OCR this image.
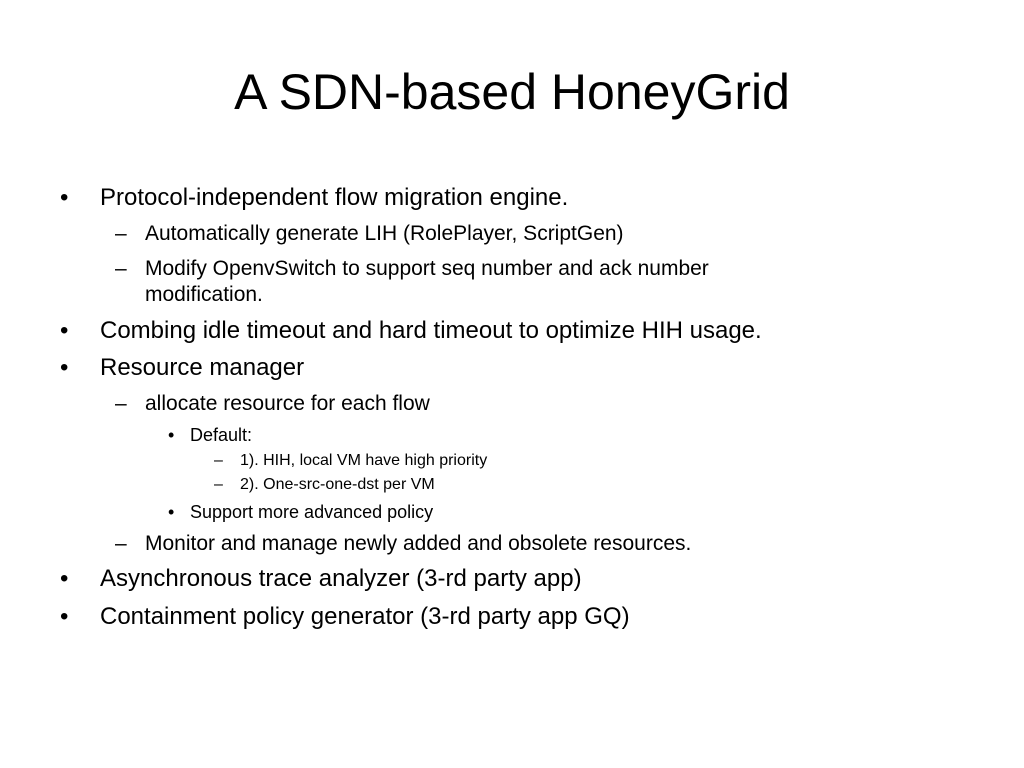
A SDN-based HoneyGrid
• Protocol-independent flow migration engine.
– Automatically generate LIH (RolePlayer, ScriptGen)
– Modify OpenvSwitch to support seq number and ack number
modification.
• Combing idle timeout and hard timeout to optimize HIH usage.
• Resource manager
– allocate resource for each flow
• Default:
– 1). HIH, local VM have high priority
– 2). One-src-one-dst per VM
• Support more advanced policy
– Monitor and manage newly added and obsolete resources.
• Asynchronous trace analyzer (3-rd party app)
• Containment policy generator (3-rd party app GQ)
